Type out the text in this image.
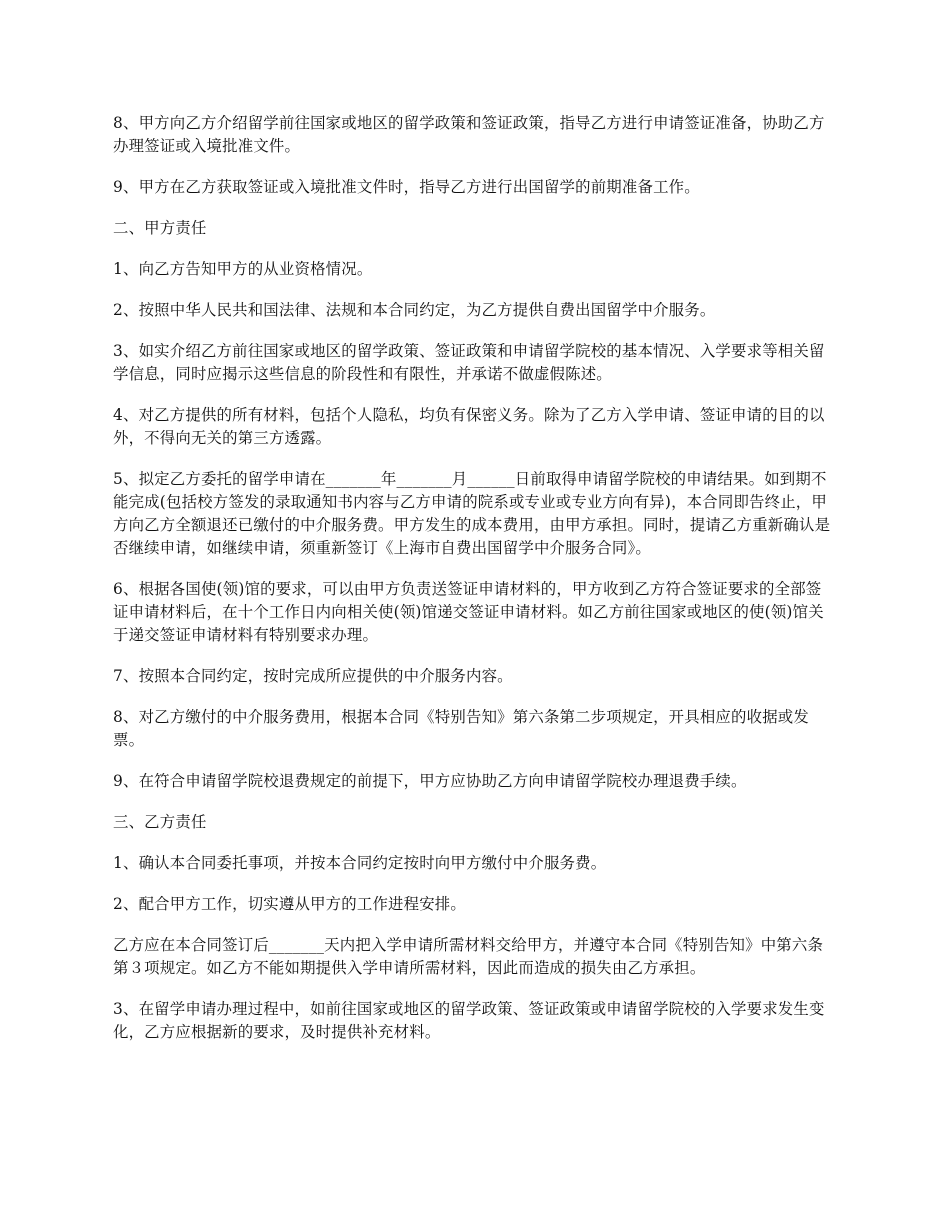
8、甲方向乙方介绍留学前往国家或地区的留学政策和签证政策，指导乙方进行申请签证准备，协助乙方办理签证或入境批准文件。

9、甲方在乙方获取签证或入境批准文件时，指导乙方进行出国留学的前期准备工作。

二、甲方责任

1、向乙方告知甲方的从业资格情况。

2、按照中华人民共和国法律、法规和本合同约定，为乙方提供自费出国留学中介服务。

3、如实介绍乙方前往国家或地区的留学政策、签证政策和申请留学院校的基本情况、入学要求等相关留学信息，同时应揭示这些信息的阶段性和有限性，并承诺不做虚假陈述。

4、对乙方提供的所有材料，包括个人隐私，均负有保密义务。除为了乙方入学申请、签证申请的目的以外，不得向无关的第三方透露。

5、拟定乙方委托的留学申请在_______年_______月______日前取得申请留学院校的申请结果。如到期不能完成(包括校方签发的录取通知书内容与乙方申请的院系或专业或专业方向有异)，本合同即告终止，甲方向乙方全额退还已缴付的中介服务费。甲方发生的成本费用，由甲方承担。同时，提请乙方重新确认是否继续申请，如继续申请，须重新签订《上海市自费出国留学中介服务合同》。

6、根据各国使(领)馆的要求，可以由甲方负责送签证申请材料的，甲方收到乙方符合签证要求的全部签证申请材料后，在十个工作日内向相关使(领)馆递交签证申请材料。如乙方前往国家或地区的使(领)馆关于递交签证申请材料有特别要求办理。

7、按照本合同约定，按时完成所应提供的中介服务内容。

8、对乙方缴付的中介服务费用，根据本合同《特别告知》第六条第二步项规定，开具相应的收据或发票。

9、在符合申请留学院校退费规定的前提下，甲方应协助乙方向申请留学院校办理退费手续。

三、乙方责任

1、确认本合同委托事项，并按本合同约定按时向甲方缴付中介服务费。

2、配合甲方工作，切实遵从甲方的工作进程安排。

乙方应在本合同签订后_______天内把入学申请所需材料交给甲方，并遵守本合同《特别告知》中第六条第３项规定。如乙方不能如期提供入学申请所需材料，因此而造成的损失由乙方承担。

3、在留学申请办理过程中，如前往国家或地区的留学政策、签证政策或申请留学院校的入学要求发生变化，乙方应根据新的要求，及时提供补充材料。
